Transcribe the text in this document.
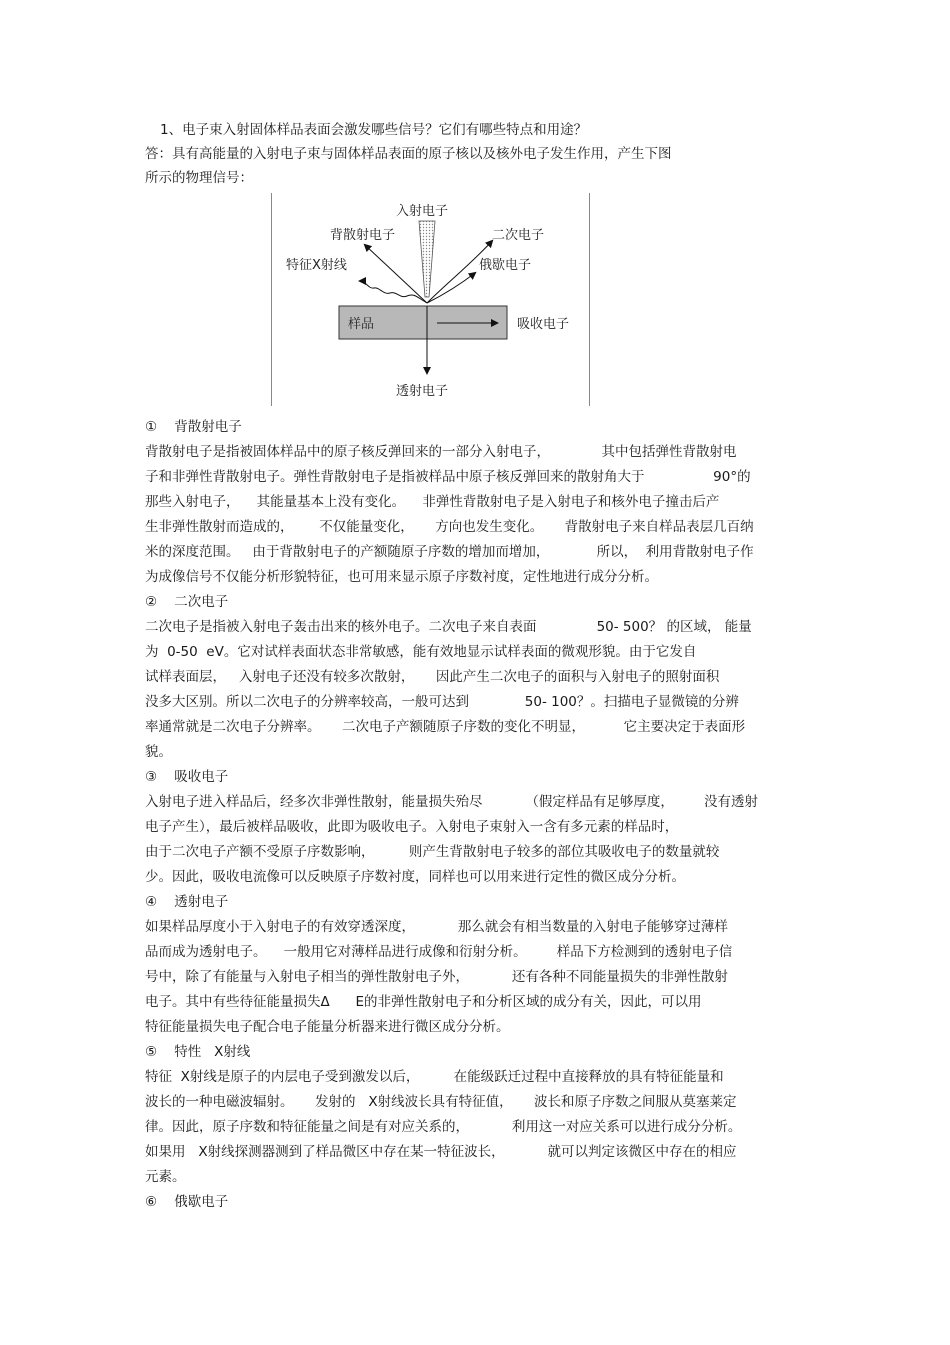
1、电子束入射固体样品表面会激发哪些信号？它们有哪些特点和用途？

答：具有高能量的入射电子束与固体样品表面的原子核以及核外电子发生作用，产生下图

所示的物理信号：

入射电子
背散射电子	二次电子
特征X射线	俄歇电子
样品	吸收电子
透射电子

①    背散射电子

背散射电子是指被固体样品中的原子核反弹回来的一部分入射电子，            其中包括弹性背散射电

子和非弹性背散射电子。弹性背散射电子是指被样品中原子核反弹回来的散射角大于                90°的

那些入射电子，    其能量基本上没有变化。    非弹性背散射电子是入射电子和核外电子撞击后产

生非弹性散射而造成的，      不仅能量变化，     方向也发生变化。     背散射电子来自样品表层几百纳

米的深度范围。   由于背散射电子的产额随原子序数的增加而增加，           所以，  利用背散射电子作

为成像信号不仅能分析形貌特征，也可用来显示原子序数衬度，定性地进行成分分析。

②    二次电子

二次电子是指被入射电子轰击出来的核外电子。二次电子来自表面              50- 500？ 的区域， 能量

为  0-50  eV。它对试样表面状态非常敏感，能有效地显示试样表面的微观形貌。由于它发自

试样表面层，   入射电子还没有较多次散射，     因此产生二次电子的面积与入射电子的照射面积

没多大区别。所以二次电子的分辨率较高，一般可达到             50- 100？。扫描电子显微镜的分辨

率通常就是二次电子分辨率。     二次电子产额随原子序数的变化不明显，         它主要决定于表面形

貌。

③    吸收电子

入射电子进入样品后，经多次非弹性散射，能量损失殆尽          （假定样品有足够厚度，       没有透射

电子产生），最后被样品吸收，此即为吸收电子。入射电子束射入一含有多元素的样品时，

由于二次电子产额不受原子序数影响，        则产生背散射电子较多的部位其吸收电子的数量就较

少。因此，吸收电流像可以反映原子序数衬度，同样也可以用来进行定性的微区成分分析。

④    透射电子

如果样品厚度小于入射电子的有效穿透深度，          那么就会有相当数量的入射电子能够穿过薄样

品而成为透射电子。    一般用它对薄样品进行成像和衍射分析。       样品下方检测到的透射电子信

号中，除了有能量与入射电子相当的弹性散射电子外，          还有各种不同能量损失的非弹性散射

电子。其中有些待征能量损失Δ      E的非弹性散射电子和分析区域的成分有关，因此，可以用

特征能量损失电子配合电子能量分析器来进行微区成分分析。

⑤    特性   X射线

特征  X射线是原子的内层电子受到激发以后，        在能级跃迁过程中直接释放的具有特征能量和

波长的一种电磁波辐射。     发射的   X射线波长具有特征值，     波长和原子序数之间服从莫塞莱定

律。因此，原子序数和特征能量之间是有对应关系的，          利用这一对应关系可以进行成分分析。

如果用   X射线探测器测到了样品微区中存在某一特征波长，          就可以判定该微区中存在的相应

元素。

⑥    俄歇电子
